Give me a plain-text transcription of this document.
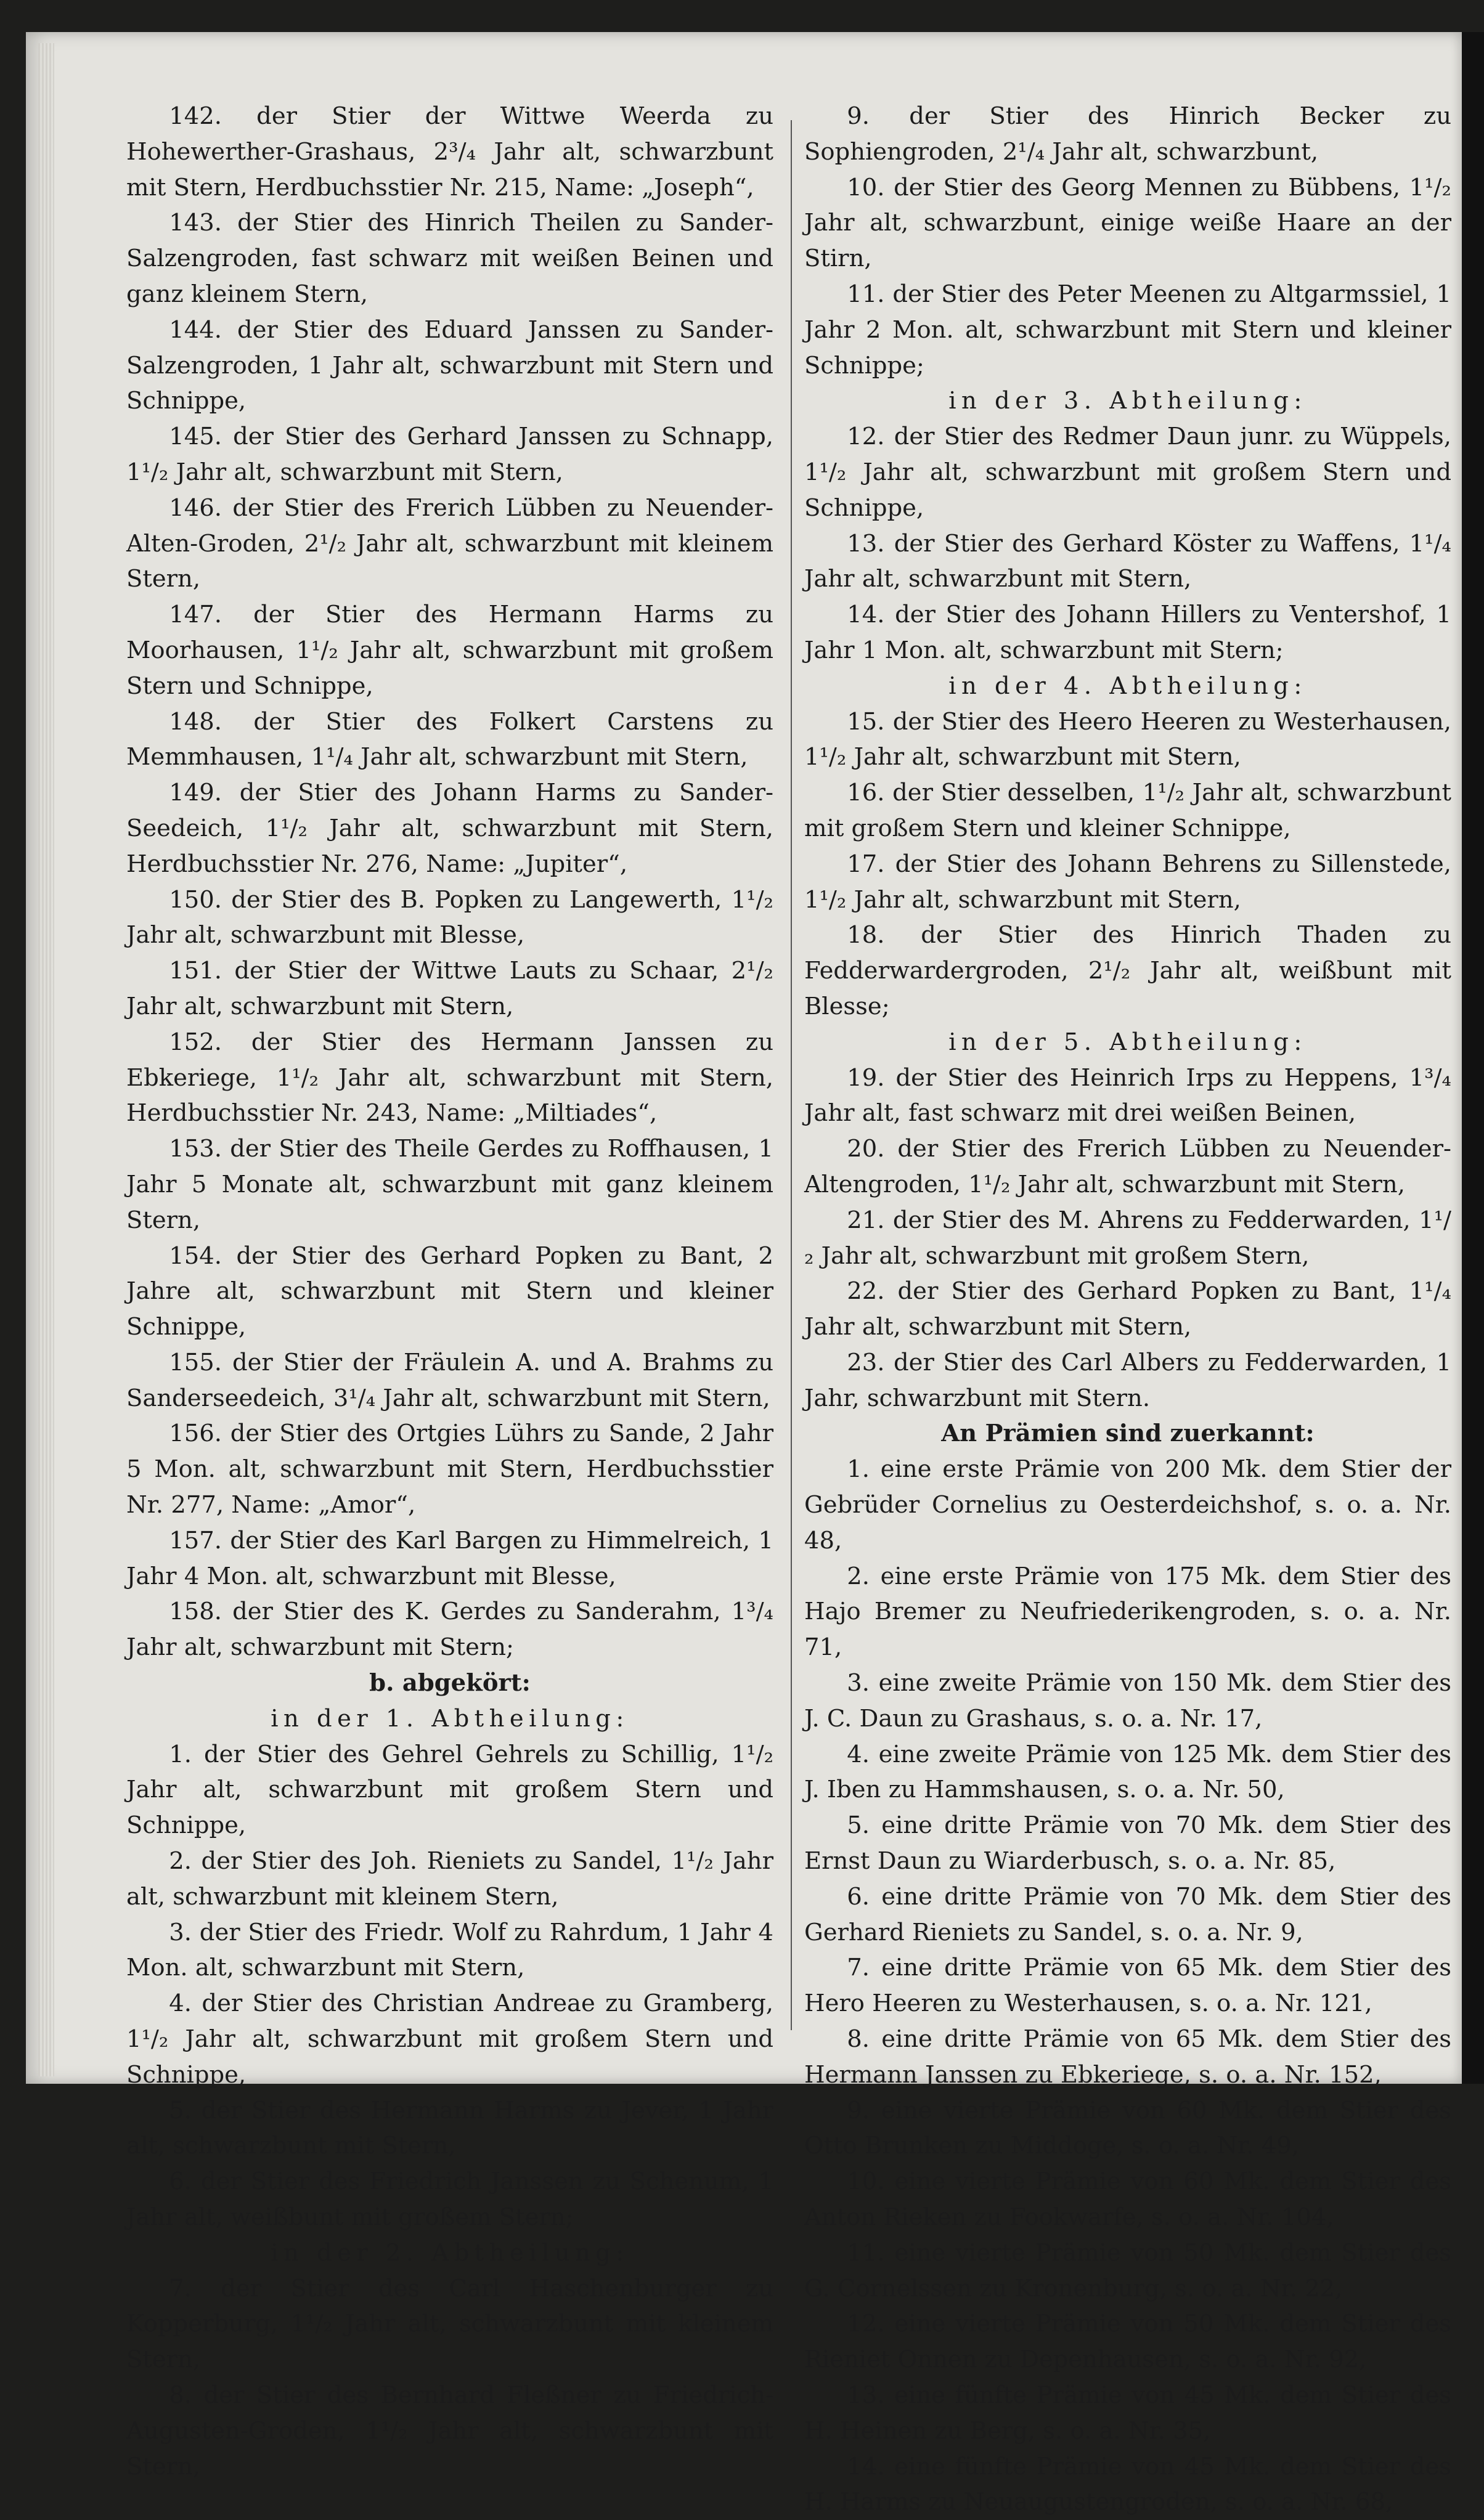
142. der Stier der Wittwe Weerda zu Hohewerther-Grashaus, 2³/₄ Jahr alt, schwarzbunt mit Stern, Herdbuchsstier Nr. 215, Name: „Joseph“,

143. der Stier des Hinrich Theilen zu Sander-Salzengroden, fast schwarz mit weißen Beinen und ganz kleinem Stern,

144. der Stier des Eduard Janssen zu Sander-Salzengroden, 1 Jahr alt, schwarzbunt mit Stern und Schnippe,

145. der Stier des Gerhard Janssen zu Schnapp, 1¹/₂ Jahr alt, schwarzbunt mit Stern,

146. der Stier des Frerich Lübben zu Neuender-Alten-Groden, 2¹/₂ Jahr alt, schwarzbunt mit kleinem Stern,

147. der Stier des Hermann Harms zu Moorhausen, 1¹/₂ Jahr alt, schwarzbunt mit großem Stern und Schnippe,

148. der Stier des Folkert Carstens zu Memmhausen, 1¹/₄ Jahr alt, schwarzbunt mit Stern,

149. der Stier des Johann Harms zu Sander-Seedeich, 1¹/₂ Jahr alt, schwarzbunt mit Stern, Herdbuchsstier Nr. 276, Name: „Jupiter“,

150. der Stier des B. Popken zu Langewerth, 1¹/₂ Jahr alt, schwarzbunt mit Blesse,

151. der Stier der Wittwe Lauts zu Schaar, 2¹/₂ Jahr alt, schwarzbunt mit Stern,

152. der Stier des Hermann Janssen zu Ebkeriege, 1¹/₂ Jahr alt, schwarzbunt mit Stern, Herdbuchsstier Nr. 243, Name: „Miltiades“,

153. der Stier des Theile Gerdes zu Roffhausen, 1 Jahr 5 Monate alt, schwarzbunt mit ganz kleinem Stern,

154. der Stier des Gerhard Popken zu Bant, 2 Jahre alt, schwarzbunt mit Stern und kleiner Schnippe,

155. der Stier der Fräulein A. und A. Brahms zu Sanderseedeich, 3¹/₄ Jahr alt, schwarzbunt mit Stern,

156. der Stier des Ortgies Lührs zu Sande, 2 Jahr 5 Mon. alt, schwarzbunt mit Stern, Herdbuchsstier Nr. 277, Name: „Amor“,

157. der Stier des Karl Bargen zu Himmelreich, 1 Jahr 4 Mon. alt, schwarzbunt mit Blesse,

158. der Stier des K. Gerdes zu Sanderahm, 1³/₄ Jahr alt, schwarzbunt mit Stern;

b. abgekört:

in der 1. Abtheilung:

1. der Stier des Gehrel Gehrels zu Schillig, 1¹/₂ Jahr alt, schwarzbunt mit großem Stern und Schnippe,

2. der Stier des Joh. Rieniets zu Sandel, 1¹/₂ Jahr alt, schwarzbunt mit kleinem Stern,

3. der Stier des Friedr. Wolf zu Rahrdum, 1 Jahr 4 Mon. alt, schwarzbunt mit Stern,

4. der Stier des Christian Andreae zu Gramberg, 1¹/₂ Jahr alt, schwarzbunt mit großem Stern und Schnippe,

5. der Stier des Hermann Harms zu Jever, 1 Jahr alt, schwarzbunt mit Stern,

6. der Stier des Friedrich Janssen zu Schenum, 1 Jahr alt, weißbunt mit großem Stern;

in der 2. Abtheilung:

7. der Stier des Carl Haschenburger zu Kopperburg, 1¹/₂ Jahr alt, schwarzbunt mit kleinem Stern,

8. der Stier des Bernhard Fleßner zu Friedrich-Augusten-Groden, 1¹/₂ Jahr alt, schwarzbunt mit Stern,

9. der Stier des Hinrich Becker zu Sophiengroden, 2¹/₄ Jahr alt, schwarzbunt,

10. der Stier des Georg Mennen zu Bübbens, 1¹/₂ Jahr alt, schwarzbunt, einige weiße Haare an der Stirn,

11. der Stier des Peter Meenen zu Altgarmssiel, 1 Jahr 2 Mon. alt, schwarzbunt mit Stern und kleiner Schnippe;

in der 3. Abtheilung:

12. der Stier des Redmer Daun junr. zu Wüppels, 1¹/₂ Jahr alt, schwarzbunt mit großem Stern und Schnippe,

13. der Stier des Gerhard Köster zu Waffens, 1¹/₄ Jahr alt, schwarzbunt mit Stern,

14. der Stier des Johann Hillers zu Ventershof, 1 Jahr 1 Mon. alt, schwarzbunt mit Stern;

in der 4. Abtheilung:

15. der Stier des Heero Heeren zu Westerhausen, 1¹/₂ Jahr alt, schwarzbunt mit Stern,

16. der Stier desselben, 1¹/₂ Jahr alt, schwarzbunt mit großem Stern und kleiner Schnippe,

17. der Stier des Johann Behrens zu Sillenstede, 1¹/₂ Jahr alt, schwarzbunt mit Stern,

18. der Stier des Hinrich Thaden zu Fedderwardergroden, 2¹/₂ Jahr alt, weißbunt mit Blesse;

in der 5. Abtheilung:

19. der Stier des Heinrich Irps zu Heppens, 1³/₄ Jahr alt, fast schwarz mit drei weißen Beinen,

20. der Stier des Frerich Lübben zu Neuender-Altengroden, 1¹/₂ Jahr alt, schwarzbunt mit Stern,

21. der Stier des M. Ahrens zu Fedderwarden, 1¹/₂ Jahr alt, schwarzbunt mit großem Stern,

22. der Stier des Gerhard Popken zu Bant, 1¹/₄ Jahr alt, schwarzbunt mit Stern,

23. der Stier des Carl Albers zu Fedderwarden, 1 Jahr, schwarzbunt mit Stern.

An Prämien sind zuerkannt:

1. eine erste Prämie von 200 Mk. dem Stier der Gebrüder Cornelius zu Oesterdeichshof, s. o. a. Nr. 48,

2. eine erste Prämie von 175 Mk. dem Stier des Hajo Bremer zu Neufriederikengroden, s. o. a. Nr. 71,

3. eine zweite Prämie von 150 Mk. dem Stier des J. C. Daun zu Grashaus, s. o. a. Nr. 17,

4. eine zweite Prämie von 125 Mk. dem Stier des J. Iben zu Hammshausen, s. o. a. Nr. 50,

5. eine dritte Prämie von 70 Mk. dem Stier des Ernst Daun zu Wiarderbusch, s. o. a. Nr. 85,

6. eine dritte Prämie von 70 Mk. dem Stier des Gerhard Rieniets zu Sandel, s. o. a. Nr. 9,

7. eine dritte Prämie von 65 Mk. dem Stier des Hero Heeren zu Westerhausen, s. o. a. Nr. 121,

8. eine dritte Prämie von 65 Mk. dem Stier des Hermann Janssen zu Ebkeriege, s. o. a. Nr. 152,

9. eine vierte Prämie von 60 Mk. dem Stier des Otto Brunken zu Middoge, s. o. a. Nr. 49,

10. eine vierte Prämie von 60 Mk. dem Stier des Anton Rieken zu Fookwarfe, s. o. a. Nr. 104,

11. eine vierte Prämie von 50 Mk. dem Stier des G. Cornelssen zu Kronenburg, s. o. a. Nr. 22,

12. eine vierte Prämie von 50 Mk. dem Stier des Rieniet Onnen zu Depenhausen, s. o. a. Nr. 92,

13. eine fünfte Prämie von 45 Mk. dem Stier des H. Heinen zu Berg, s. o. a. Nr. 35,

14. eine fünfte Prämie von 45 Mk. dem Stier des H. Harms zu Neuaugustengroden, s. o. a. Nr. 68,
